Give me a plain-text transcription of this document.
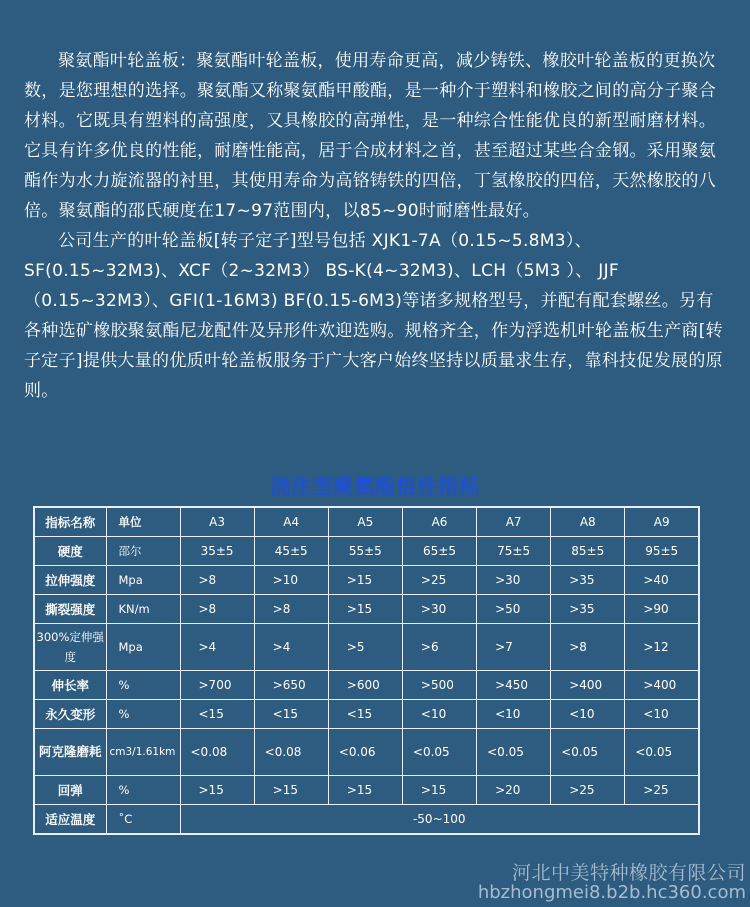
聚氨酯叶轮盖板：聚氨酯叶轮盖板，使用寿命更高，减少铸铁、橡胶叶轮盖板的更换次数，是您理想的选择。聚氨酯又称聚氨酯甲酸酯，是一种介于塑料和橡胶之间的高分子聚合材料。它既具有塑料的高强度，又具橡胶的高弹性，是一种综合性能优良的新型耐磨材料。它具有许多优良的性能，耐磨性能高，居于合成材料之首，甚至超过某些合金钢。采用聚氨酯作为水力旋流器的衬里，其使用寿命为高铬铸铁的四倍，丁氢橡胶的四倍，天然橡胶的八倍。聚氨酯的邵氏硬度在17~97范围内，以85~90时耐磨性最好。

公司生产的叶轮盖板[转子定子]型号包括 XJK1-7A（0.15~5.8M3）、 SF(0.15~32M3)、XCF（2~32M3） BS-K(4~32M3)、LCH（5M3 ）、 JJF（0.15~32M3）、GFI(1-16M3) BF(0.15-6M3)等诸多规格型号，并配有配套螺丝。另有各种选矿橡胶聚氨酯尼龙配件及异形件欢迎选购。规格齐全，作为浮选机叶轮盖板生产商[转子定子]提供大量的优质叶轮盖板服务于广大客户始终坚持以质量求生存，靠科技促发展的原则。

浇注型聚氨酯悟性指标
指标名称	单位	A3	A4	A5	A6	A7	A8	A9
硬度	邵尔	35±5	45±5	55±5	65±5	75±5	85±5	95±5
拉伸强度	Mpa	>8	>10	>15	>25	>30	>35	>40
撕裂强度	KN/m	>8	>8	>15	>30	>50	>35	>90
300%定伸强度	Mpa	>4	>4	>5	>6	>7	>8	>12
伸长率	%	>700	>650	>600	>500	>450	>400	>400
永久变形	%	<15	<15	<15	<10	<10	<10	<10
阿克隆磨耗	cm3/1.61km	<0.08	<0.08	<0.06	<0.05	<0.05	<0.05	<0.05
回弹	%	>15	>15	>15	>15	>20	>25	>25
适应温度	˚C	-50~100						
河北中美特种橡胶有限公司
hbzhongmei8.b2b.hc360.com
